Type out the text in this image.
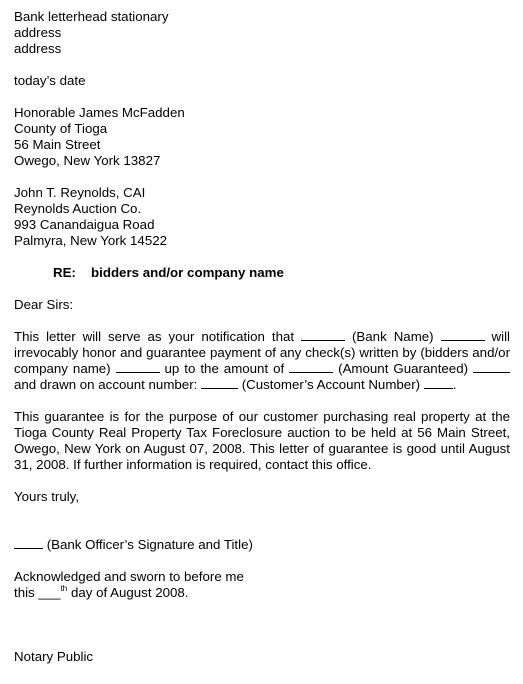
Bank letterhead stationary
address
address
today’s date
Honorable James McFadden
County of Tioga
56 Main Street
Owego, New York 13827
John T. Reynolds, CAI
Reynolds Auction Co.
993 Canandaigua Road
Palmyra, New York 14522
RE: bidders and/or company name
Dear Sirs:

This letter will serve as your notification that	(Bank Name)	will irrevocably honor and guarantee payment of any check(s) written by (bidders and/or company name)	up to the amount of	(Amount Guaranteed)  and drawn on account number:	(Customer’s Account Number) .

This guarantee is for the purpose of our customer purchasing real property at the Tioga County Real Property Tax Foreclosure auction to be held at 56 Main Street, Owego, New York on August 07, 2008. This letter of guarantee is good until August 31, 2008. If further information is required, contact this office.

Yours truly,
(Bank Officer’s Signature and Title)
Acknowledged and sworn to before me
this ___$^{th}$ day of August 2008.
Notary Public
